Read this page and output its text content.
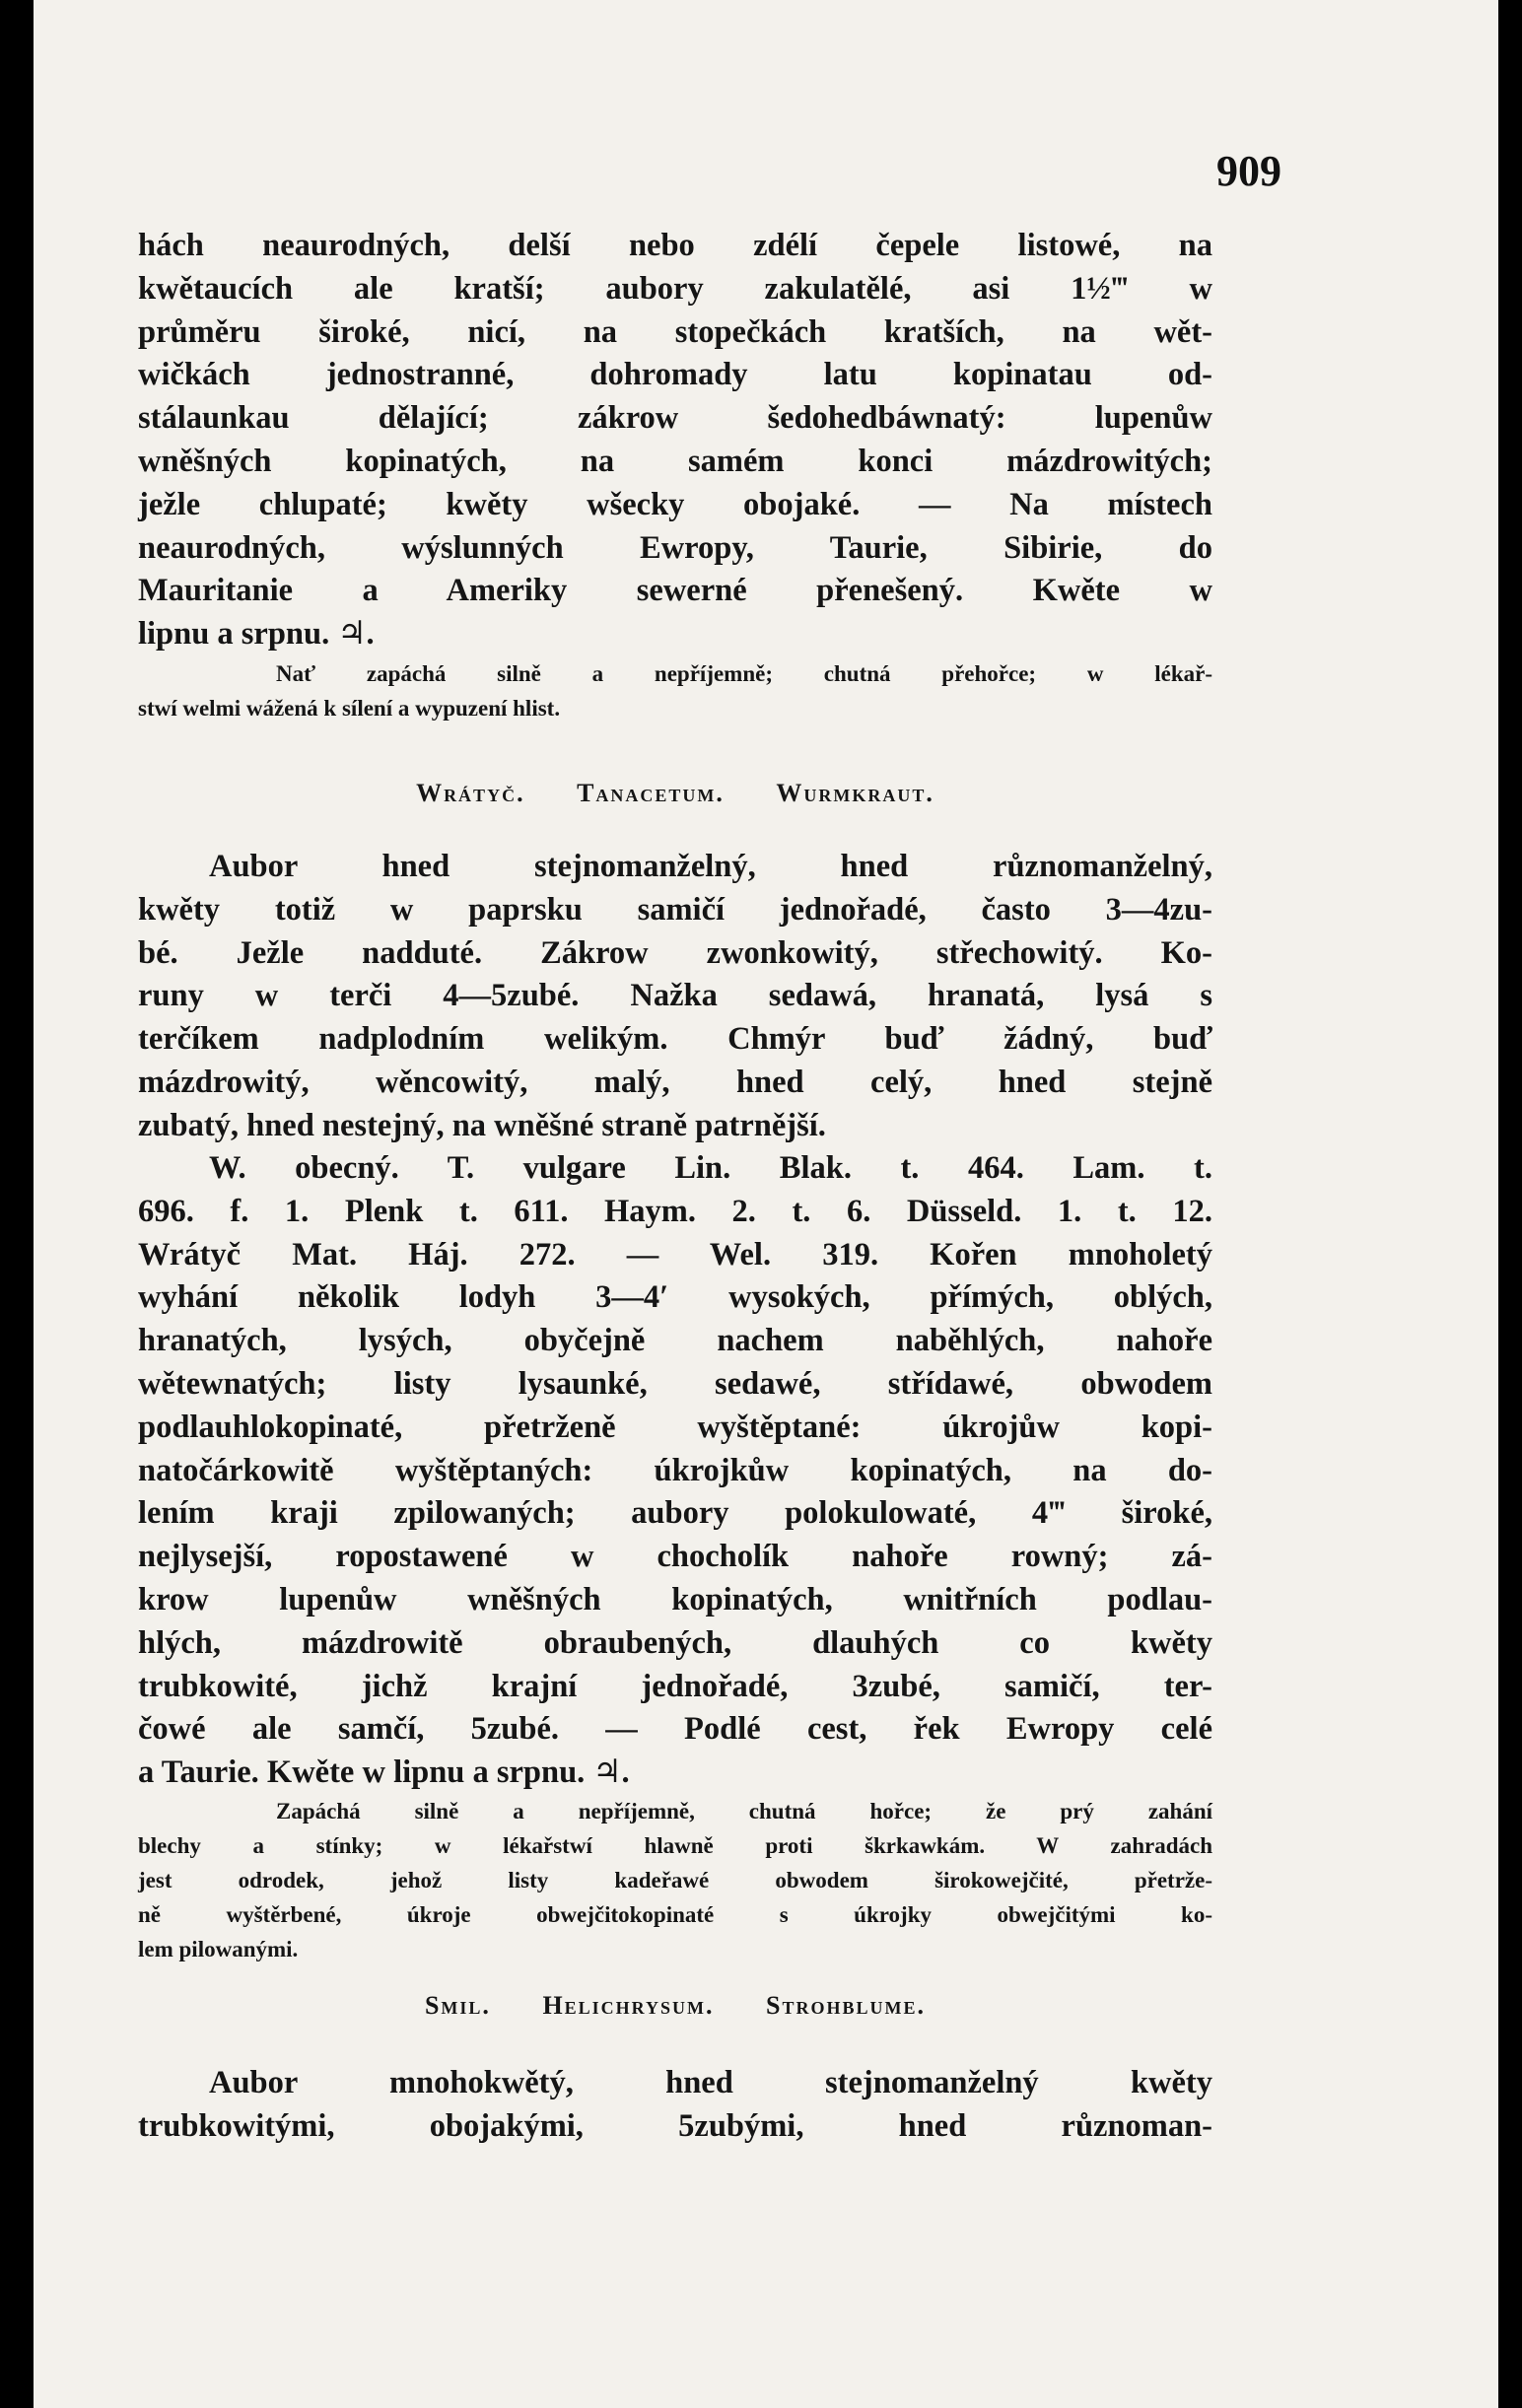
909
hách neaurodných, delší nebo zdélí čepele listowé, na
kwětaucích ale kratší; aubory zakulatělé, asi 1½‴ w
průměru široké, nicí, na stopečkách kratších, na wět-
wičkách jednostranné, dohromady latu kopinatau od-
stálaunkau dělající; zákrow šedohedbáwnatý: lupenůw
wněšných kopinatých, na samém konci mázdrowitých;
ježle chlupaté; kwěty wšecky obojaké. — Na místech
neaurodných, wýslunných Ewropy, Taurie, Sibirie, do
Mauritanie a Ameriky sewerné přenešený. Kwěte w
lipnu a srpnu. ♃.
Nať zapáchá silně a nepříjemně; chutná přehořce; w lékař-
stwí welmi wážená k sílení a wypuzení hlist.
Wrátyč. Tanacetum. Wurmkraut.
Aubor hned stejnomanželný, hned různomanželný,
kwěty totiž w paprsku samičí jednořadé, často 3—4zu-
bé. Ježle nadduté. Zákrow zwonkowitý, střechowitý. Ko-
runy w terči 4—5zubé. Nažka sedawá, hranatá, lysá s
terčíkem nadplodním welikým. Chmýr buď žádný, buď
mázdrowitý, wěncowitý, malý, hned celý, hned stejně
zubatý, hned nestejný, na wněšné straně patrnější.
W. obecný. T. vulgare Lin. Blak. t. 464. Lam. t.
696. f. 1. Plenk t. 611. Haym. 2. t. 6. Düsseld. 1. t. 12.
Wrátyč Mat. Háj. 272. — Wel. 319. Kořen mnoholetý
wyhání několik lodyh 3—4′ wysokých, přímých, oblých,
hranatých, lysých, obyčejně nachem naběhlých, nahoře
wětewnatých; listy lysaunké, sedawé, střídawé, obwodem
podlauhlokopinaté, přetrženě wyštěptané: úkrojůw kopi-
natočárkowitě wyštěptaných: úkrojkůw kopinatých, na do-
lením kraji zpilowaných; aubory polokulowaté, 4‴ široké,
nejlysejší, ropostawené w chocholík nahoře rowný; zá-
krow lupenůw wněšných kopinatých, wnitřních podlau-
hlých, mázdrowitě obraubených, dlauhých co kwěty
trubkowité, jichž krajní jednořadé, 3zubé, samičí, ter-
čowé ale samčí, 5zubé. — Podlé cest, řek Ewropy celé
a Taurie. Kwěte w lipnu a srpnu. ♃.
Zapáchá silně a nepříjemně, chutná hořce; že prý zahání
blechy a stínky; w lékařstwí hlawně proti škrkawkám. W zahradách
jest odrodek, jehož listy kadeřawé obwodem širokowejčité, přetrže-
ně wyštěrbené, úkroje obwejčitokopinaté s úkrojky obwejčitými ko-
lem pilowanými.
Smil. Helichrysum. Strohblume.
Aubor mnohokwětý, hned stejnomanželný kwěty
trubkowitými, obojakými, 5zubými, hned různoman-
